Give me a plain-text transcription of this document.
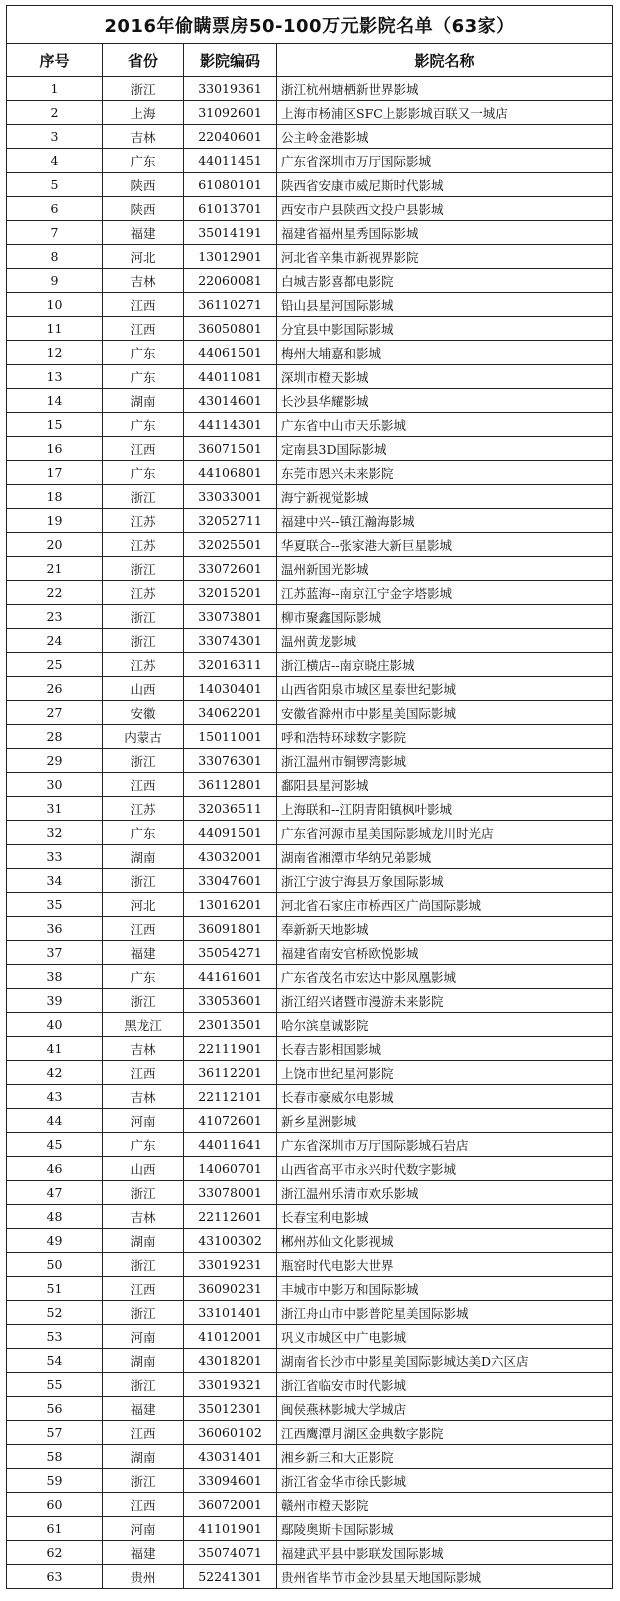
2016年偷瞒票房50-100万元影院名单（63家）			
序号	省份	影院编码	影院名称
1	浙江	33019361	浙江杭州塘栖新世界影城
2	上海	31092601	上海市杨浦区SFC上影影城百联又一城店
3	吉林	22040601	公主岭金港影城
4	广东	44011451	广东省深圳市万厅国际影城
5	陕西	61080101	陕西省安康市威尼斯时代影城
6	陕西	61013701	西安市户县陕西文投户县影城
7	福建	35014191	福建省福州星秀国际影城
8	河北	13012901	河北省辛集市新视界影院
9	吉林	22060081	白城吉影喜都电影院
10	江西	36110271	铅山县星河国际影城
11	江西	36050801	分宜县中影国际影城
12	广东	44061501	梅州大埔嘉和影城
13	广东	44011081	深圳市橙天影城
14	湖南	43014601	长沙县华耀影城
15	广东	44114301	广东省中山市天乐影城
16	江西	36071501	定南县3D国际影城
17	广东	44106801	东莞市恩兴未来影院
18	浙江	33033001	海宁新视觉影城
19	江苏	32052711	福建中兴--镇江瀚海影城
20	江苏	32025501	华夏联合--张家港大新巨星影城
21	浙江	33072601	温州新国光影城
22	江苏	32015201	江苏蓝海--南京江宁金字塔影城
23	浙江	33073801	柳市聚鑫国际影城
24	浙江	33074301	温州黄龙影城
25	江苏	32016311	浙江横店--南京晓庄影城
26	山西	14030401	山西省阳泉市城区星泰世纪影城
27	安徽	34062201	安徽省滁州市中影星美国际影城
28	内蒙古	15011001	呼和浩特环球数字影院
29	浙江	33076301	浙江温州市铜锣湾影城
30	江西	36112801	鄱阳县星河影城
31	江苏	32036511	上海联和--江阴青阳镇枫叶影城
32	广东	44091501	广东省河源市星美国际影城龙川时光店
33	湖南	43032001	湖南省湘潭市华纳兄弟影城
34	浙江	33047601	浙江宁波宁海县万象国际影城
35	河北	13016201	河北省石家庄市桥西区广尚国际影城
36	江西	36091801	奉新新天地影城
37	福建	35054271	福建省南安官桥欧悦影城
38	广东	44161601	广东省茂名市宏达中影凤凰影城
39	浙江	33053601	浙江绍兴诸暨市漫游未来影院
40	黑龙江	23013501	哈尔滨皇诚影院
41	吉林	22111901	长春吉影相国影城
42	江西	36112201	上饶市世纪星河影院
43	吉林	22112101	长春市豪威尔电影城
44	河南	41072601	新乡星洲影城
45	广东	44011641	广东省深圳市万厅国际影城石岩店
46	山西	14060701	山西省高平市永兴时代数字影城
47	浙江	33078001	浙江温州乐清市欢乐影城
48	吉林	22112601	长春宝利电影城
49	湖南	43100302	郴州苏仙文化影视城
50	浙江	33019231	瓶窑时代电影大世界
51	江西	36090231	丰城市中影万和国际影城
52	浙江	33101401	浙江舟山市中影普陀星美国际影城
53	河南	41012001	巩义市城区中广电影城
54	湖南	43018201	湖南省长沙市中影星美国际影城达美D六区店
55	浙江	33019321	浙江省临安市时代影城
56	福建	35012301	闽侯燕林影城大学城店
57	江西	36060102	江西鹰潭月湖区金典数字影院
58	湖南	43031401	湘乡新三和大正影院
59	浙江	33094601	浙江省金华市徐氏影城
60	江西	36072001	赣州市橙天影院
61	河南	41101901	鄢陵奥斯卡国际影城
62	福建	35074071	福建武平县中影联发国际影城
63	贵州	52241301	贵州省毕节市金沙县星天地国际影城
